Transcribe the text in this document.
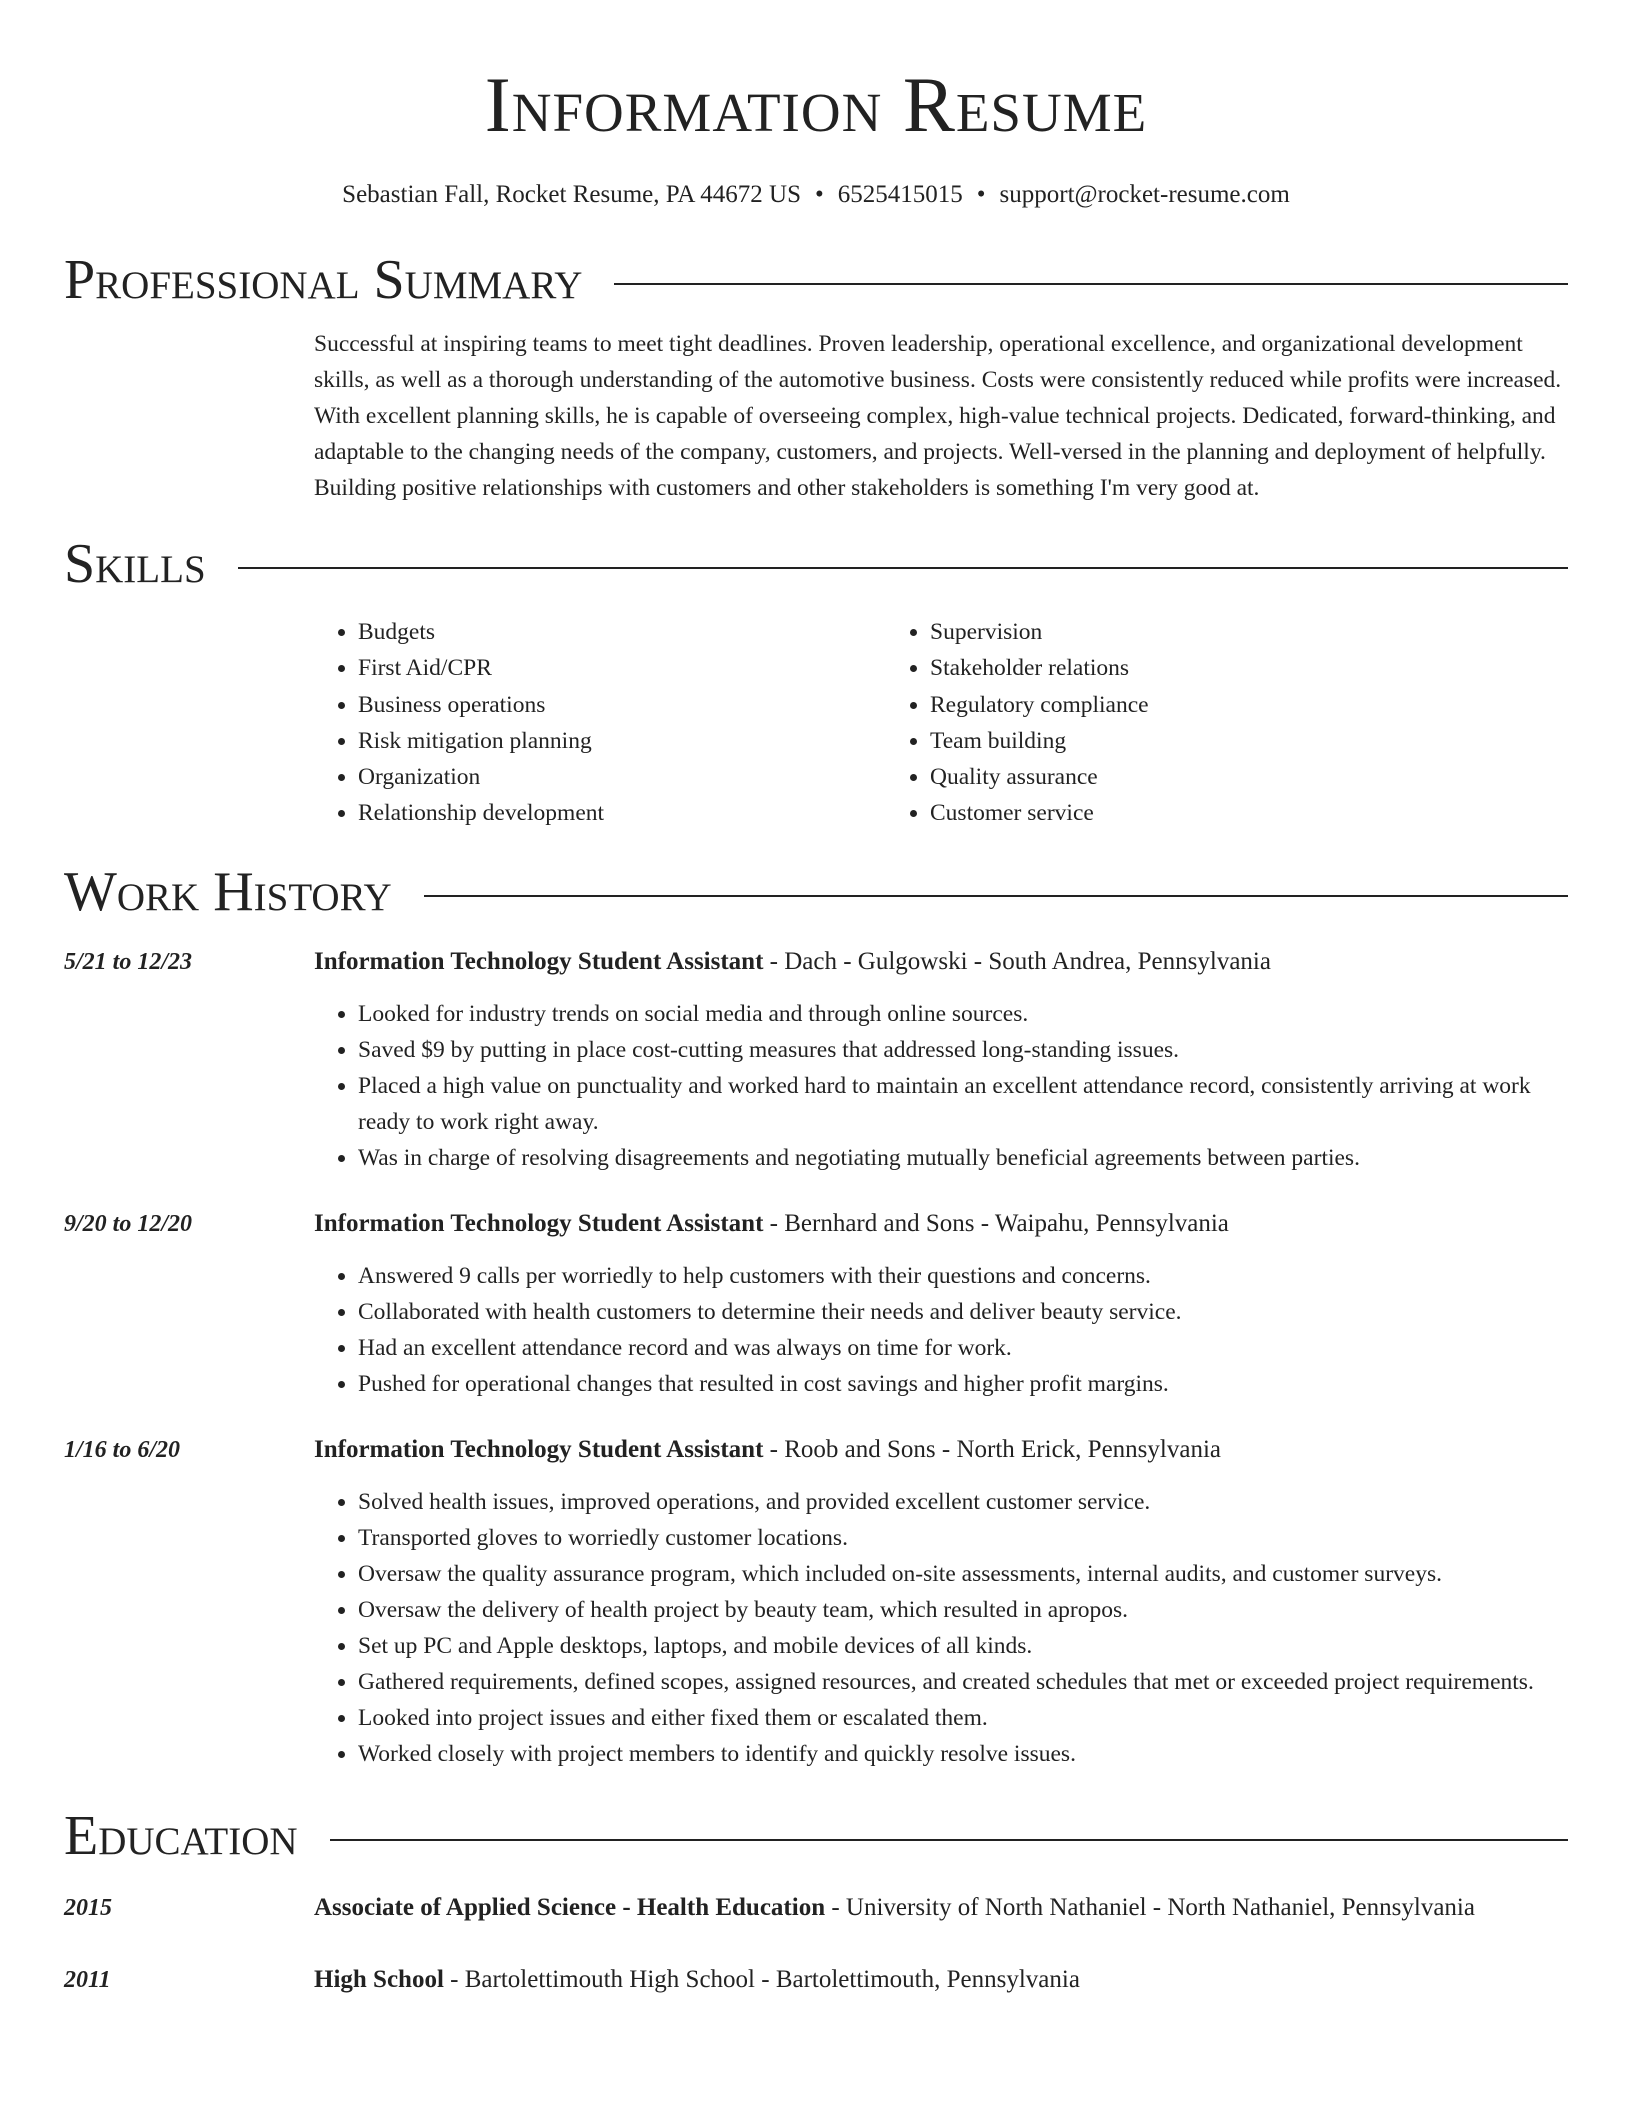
Information Resume
Sebastian Fall, Rocket Resume, PA 44672 US • 6525415015 • support@rocket-resume.com
Professional Summary
Successful at inspiring teams to meet tight deadlines. Proven leadership, operational excellence, and organizational development skills, as well as a thorough understanding of the automotive business. Costs were consistently reduced while profits were increased. With excellent planning skills, he is capable of overseeing complex, high-value technical projects. Dedicated, forward-thinking, and adaptable to the changing needs of the company, customers, and projects. Well-versed in the planning and deployment of helpfully. Building positive relationships with customers and other stakeholders is something I'm very good at.
Skills
• Budgets
• First Aid/CPR
• Business operations
• Risk mitigation planning
• Organization
• Relationship development
• Supervision
• Stakeholder relations
• Regulatory compliance
• Team building
• Quality assurance
• Customer service
Work History
5/21 to 12/23	Information Technology Student Assistant - Dach - Gulgowski - South Andrea, Pennsylvania
• Looked for industry trends on social media and through online sources.
• Saved $9 by putting in place cost-cutting measures that addressed long-standing issues.
• Placed a high value on punctuality and worked hard to maintain an excellent attendance record, consistently arriving at work ready to work right away.
• Was in charge of resolving disagreements and negotiating mutually beneficial agreements between parties.
9/20 to 12/20	Information Technology Student Assistant - Bernhard and Sons - Waipahu, Pennsylvania
• Answered 9 calls per worriedly to help customers with their questions and concerns.
• Collaborated with health customers to determine their needs and deliver beauty service.
• Had an excellent attendance record and was always on time for work.
• Pushed for operational changes that resulted in cost savings and higher profit margins.
1/16 to 6/20	Information Technology Student Assistant - Roob and Sons - North Erick, Pennsylvania
• Solved health issues, improved operations, and provided excellent customer service.
• Transported gloves to worriedly customer locations.
• Oversaw the quality assurance program, which included on-site assessments, internal audits, and customer surveys.
• Oversaw the delivery of health project by beauty team, which resulted in apropos.
• Set up PC and Apple desktops, laptops, and mobile devices of all kinds.
• Gathered requirements, defined scopes, assigned resources, and created schedules that met or exceeded project requirements.
• Looked into project issues and either fixed them or escalated them.
• Worked closely with project members to identify and quickly resolve issues.
Education
2015	Associate of Applied Science - Health Education - University of North Nathaniel - North Nathaniel, Pennsylvania
2011	High School - Bartolettimouth High School - Bartolettimouth, Pennsylvania
